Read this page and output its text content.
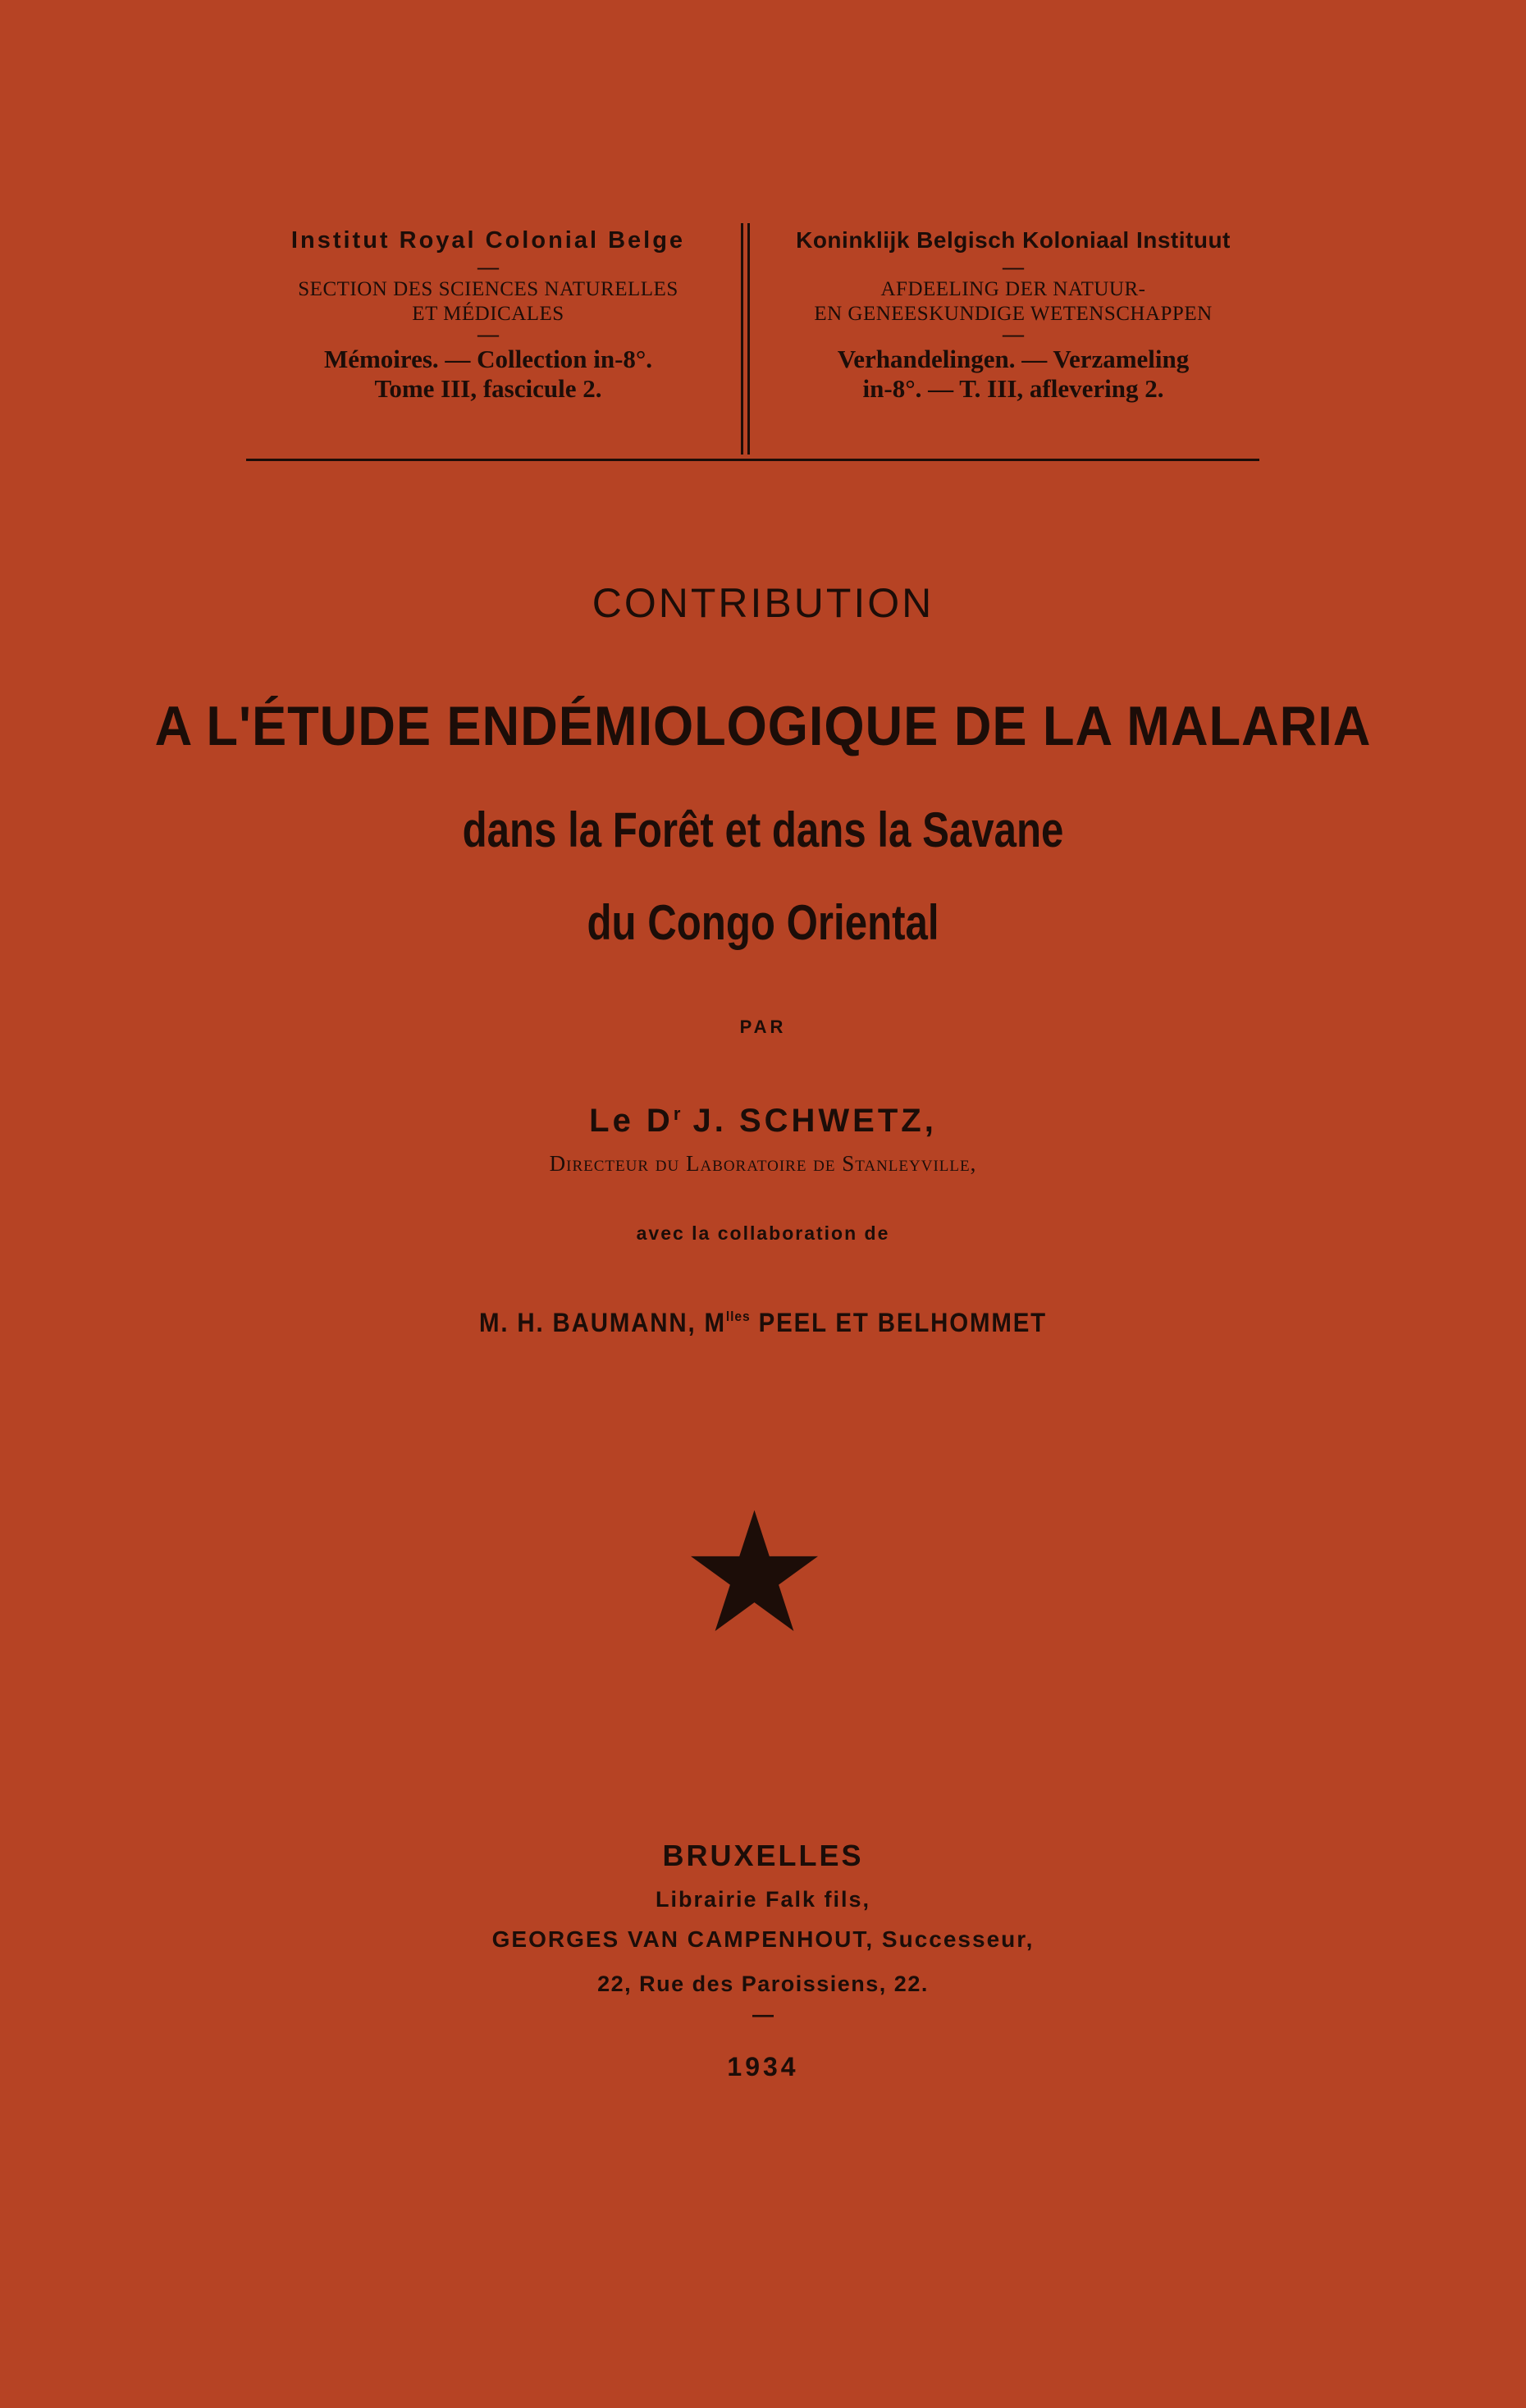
Institut Royal Colonial Belge
—
SECTION DES SCIENCES NATURELLES
ET MÉDICALES
—
Mémoires. — Collection in-8°.
Tome III, fascicule 2.
Koninklijk Belgisch Koloniaal Instituut
—
AFDEELING DER NATUUR-
EN GENEESKUNDIGE WETENSCHAPPEN
—
Verhandelingen. — Verzameling
in-8°. — T. III, aflevering 2.
CONTRIBUTION
A L'ÉTUDE ENDÉMIOLOGIQUE DE LA MALARIA
dans la Forêt et dans la Savane
du Congo Oriental
PAR
Le $D^r$ J. SCHWETZ,
Directeur du Laboratoire de Stanleyville,
avec la collaboration de
M. H. BAUMANN, $M^{lles}$ PEEL ET BELHOMMET
BRUXELLES
Librairie Falk fils,
GEORGES VAN CAMPENHOUT, Successeur,
22, Rue des Paroissiens, 22.
—
1934
